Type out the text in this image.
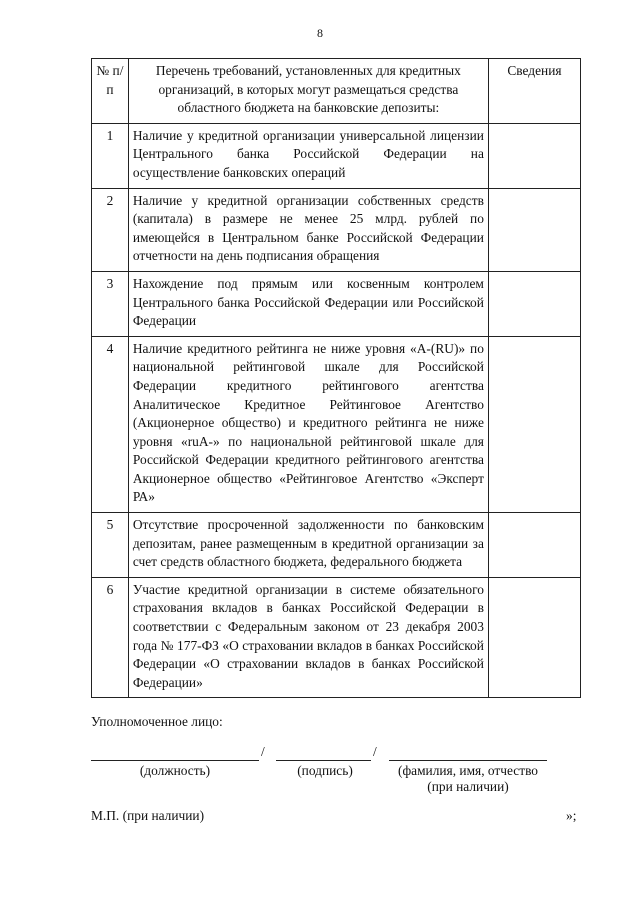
8
№ п/п	Перечень требований, установленных для кредитных организаций, в которых могут размещаться средства областного бюджета на банковские депозиты:	Сведения
1	Наличие у кредитной организации универсальной лицензии Центрального банка Российской Федерации на осуществление банковских операций	
2	Наличие у кредитной организации собственных средств (капитала) в размере не менее 25 млрд. рублей по имеющейся в Центральном банке Российской Федерации отчетности на день подписания обращения	
3	Нахождение под прямым или косвенным контролем Центрального банка Российской Федерации или Российской Федерации	
4	Наличие кредитного рейтинга не ниже уровня «A-(RU)» по национальной рейтинговой шкале для Российской Федерации кредитного рейтингового агентства Аналитическое Кредитное Рейтинговое Агентство (Акционерное общество) и кредитного рейтинга не ниже уровня «ruA-» по национальной рейтинговой шкале для Российской Федерации кредитного рейтингового агентства Акционерное общество «Рейтинговое Агентство «Эксперт РА»	
5	Отсутствие просроченной задолженности по банковским депозитам, ранее размещенным в кредитной организации за счет средств областного бюджета, федерального бюджета	
6	Участие кредитной организации в системе обязательного страхования вкладов в банках Российской Федерации в соответствии с Федеральным законом от 23 декабря 2003 года № 177-ФЗ «О страховании вкладов в банках Российской Федерации «О страховании вкладов в банках Российской Федерации»	
Уполномоченное лицо:
/	/
(должность)	(подпись)	(фамилия, имя, отчество (при наличии)
М.П. (при наличии)	»;
